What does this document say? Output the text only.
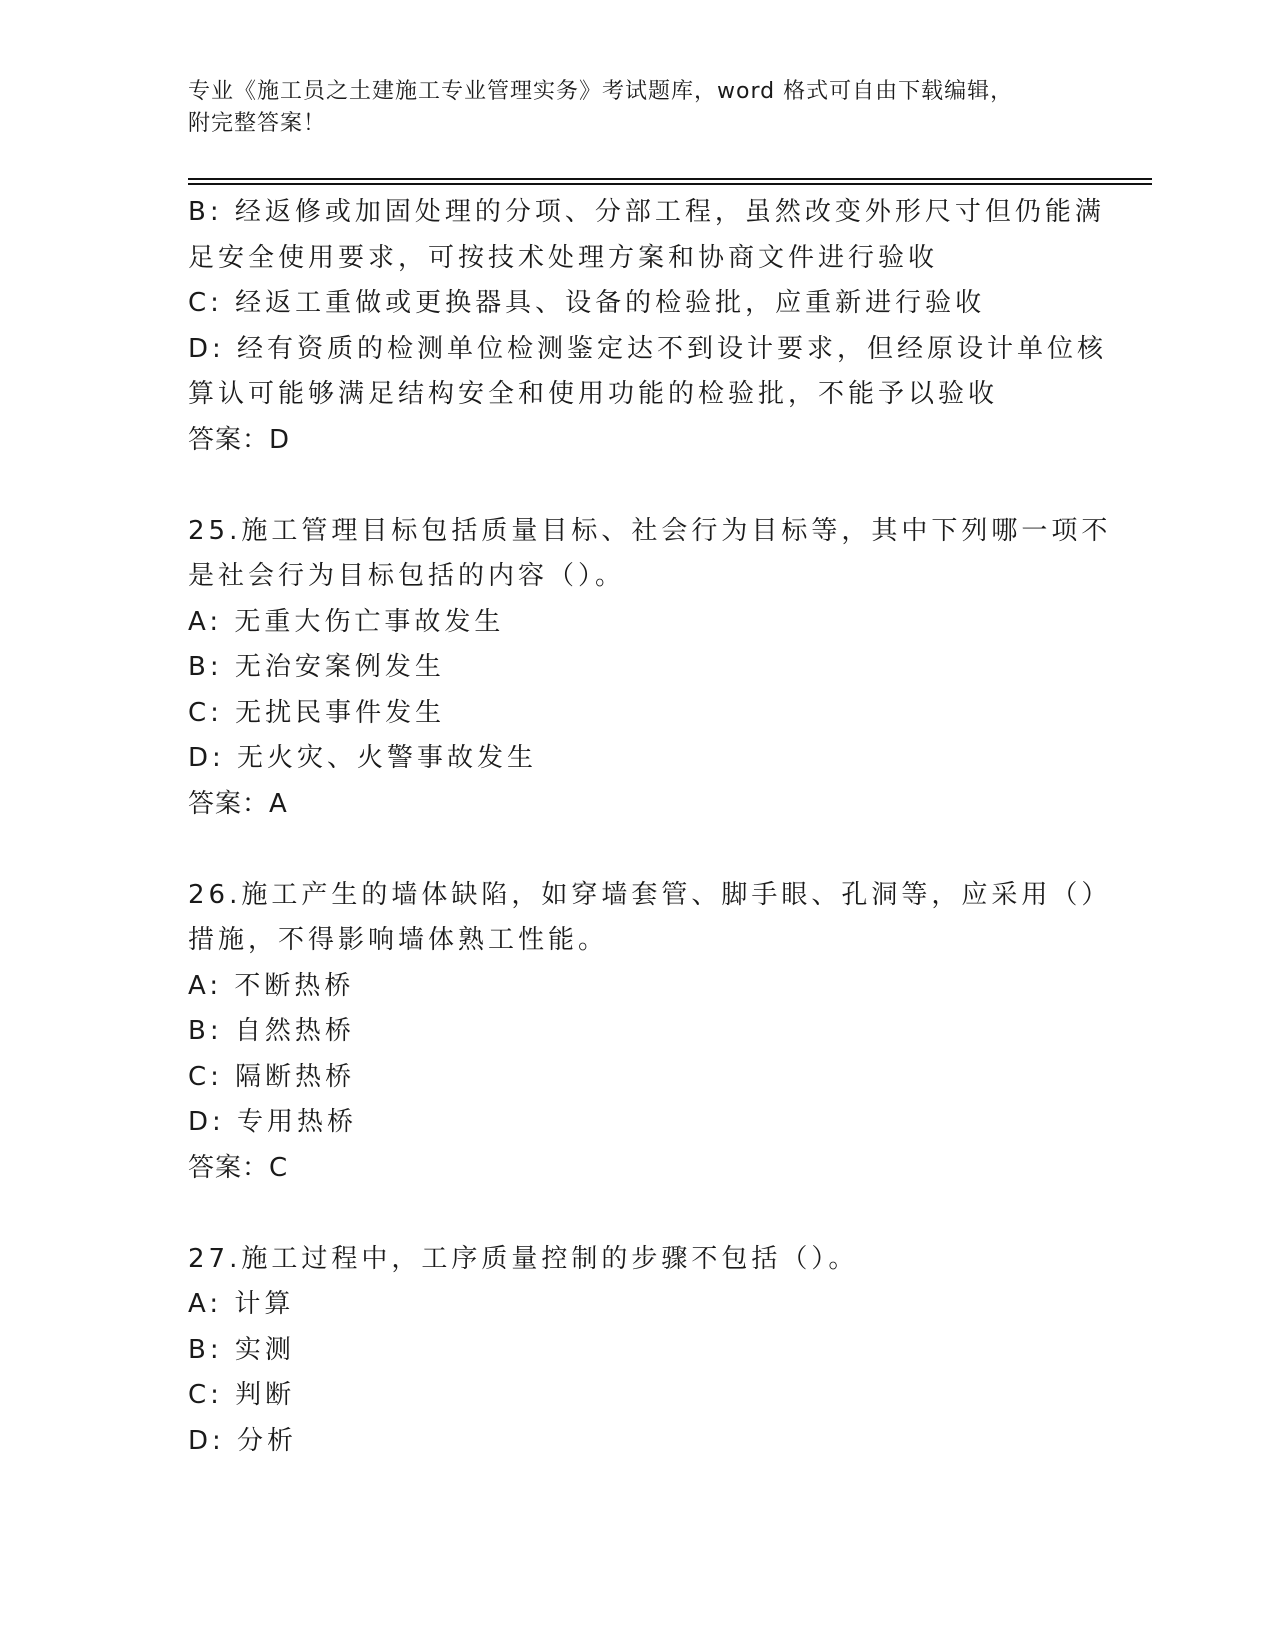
专业《施工员之土建施工专业管理实务》考试题库，word 格式可自由下载编辑，
附完整答案！
B: 经返修或加固处理的分项、分部工程，虽然改变外形尺寸但仍能满
足安全使用要求，可按技术处理方案和协商文件进行验收
C: 经返工重做或更换器具、设备的检验批，应重新进行验收
D: 经有资质的检测单位检测鉴定达不到设计要求，但经原设计单位核
算认可能够满足结构安全和使用功能的检验批，不能予以验收
答案：D
25.施工管理目标包括质量目标、社会行为目标等，其中下列哪一项不
是社会行为目标包括的内容（）。
A: 无重大伤亡事故发生
B: 无治安案例发生
C: 无扰民事件发生
D: 无火灾、火警事故发生
答案：A
26.施工产生的墙体缺陷，如穿墙套管、脚手眼、孔洞等，应采用（）
措施，不得影响墙体熟工性能。
A: 不断热桥
B: 自然热桥
C: 隔断热桥
D: 专用热桥
答案：C
27.施工过程中，工序质量控制的步骤不包括（）。
A: 计算
B: 实测
C: 判断
D: 分析
